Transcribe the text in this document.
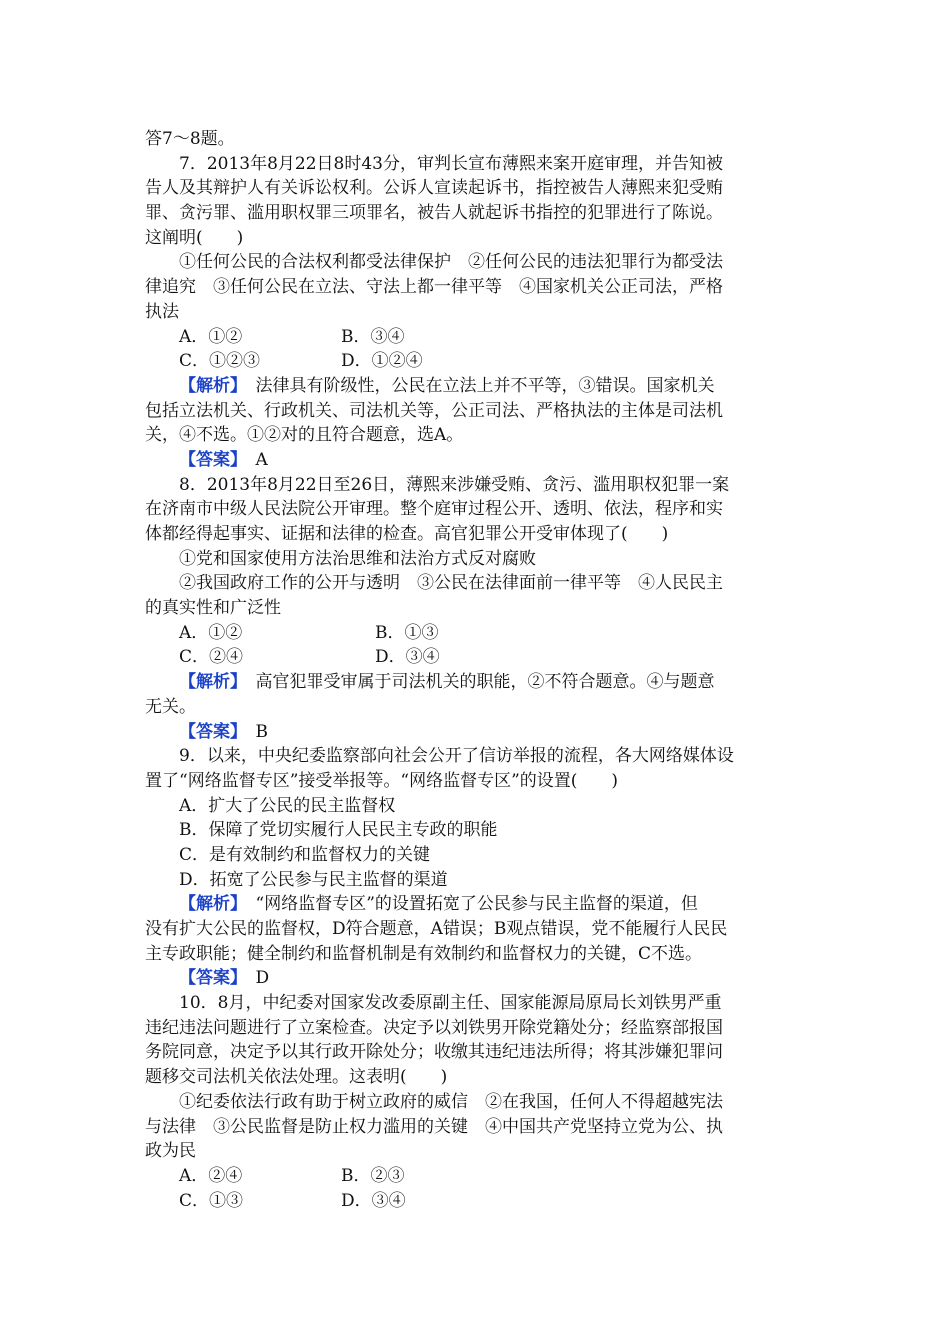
答7～8题。
7．2013年8月22日8时43分，审判长宣布薄熙来案开庭审理，并告知被
告人及其辩护人有关诉讼权利。公诉人宣读起诉书，指控被告人薄熙来犯受贿
罪、贪污罪、滥用职权罪三项罪名，被告人就起诉书指控的犯罪进行了陈说。
这阐明(　　)
①任何公民的合法权利都受法律保护　②任何公民的违法犯罪行为都受法
律追究　③任何公民在立法、守法上都一律平等　④国家机关公正司法，严格
执法
A．①②	B．③④
C．①②③	D．①②④
【解析】　法律具有阶级性，公民在立法上并不平等，③错误。国家机关
包括立法机关、行政机关、司法机关等，公正司法、严格执法的主体是司法机
关，④不选。①②对的且符合题意，选A。
【答案】　A
8．2013年8月22日至26日，薄熙来涉嫌受贿、贪污、滥用职权犯罪一案
在济南市中级人民法院公开审理。整个庭审过程公开、透明、依法，程序和实
体都经得起事实、证据和法律的检查。高官犯罪公开受审体现了(　　)
①党和国家使用方法治思维和法治方式反对腐败
②我国政府工作的公开与透明　③公民在法律面前一律平等　④人民民主
的真实性和广泛性
A．①②	B．①③
C．②④	D．③④
【解析】　高官犯罪受审属于司法机关的职能，②不符合题意。④与题意
无关。
【答案】　B
9．以来，中央纪委监察部向社会公开了信访举报的流程，各大网络媒体设
置了“网络监督专区”接受举报等。“网络监督专区”的设置(　　)
A．扩大了公民的民主监督权
B．保障了党切实履行人民民主专政的职能
C．是有效制约和监督权力的关键
D．拓宽了公民参与民主监督的渠道
【解析】　“网络监督专区”的设置拓宽了公民参与民主监督的渠道，但
没有扩大公民的监督权，D符合题意，A错误；B观点错误，党不能履行人民民
主专政职能；健全制约和监督机制是有效制约和监督权力的关键，C不选。
【答案】　D
10．8月，中纪委对国家发改委原副主任、国家能源局原局长刘铁男严重
违纪违法问题进行了立案检查。决定予以刘铁男开除党籍处分；经监察部报国
务院同意，决定予以其行政开除处分；收缴其违纪违法所得；将其涉嫌犯罪问
题移交司法机关依法处理。这表明(　　)
①纪委依法行政有助于树立政府的威信　②在我国，任何人不得超越宪法
与法律　③公民监督是防止权力滥用的关键　④中国共产党坚持立党为公、执
政为民
A．②④	B．②③
C．①③	D．③④
